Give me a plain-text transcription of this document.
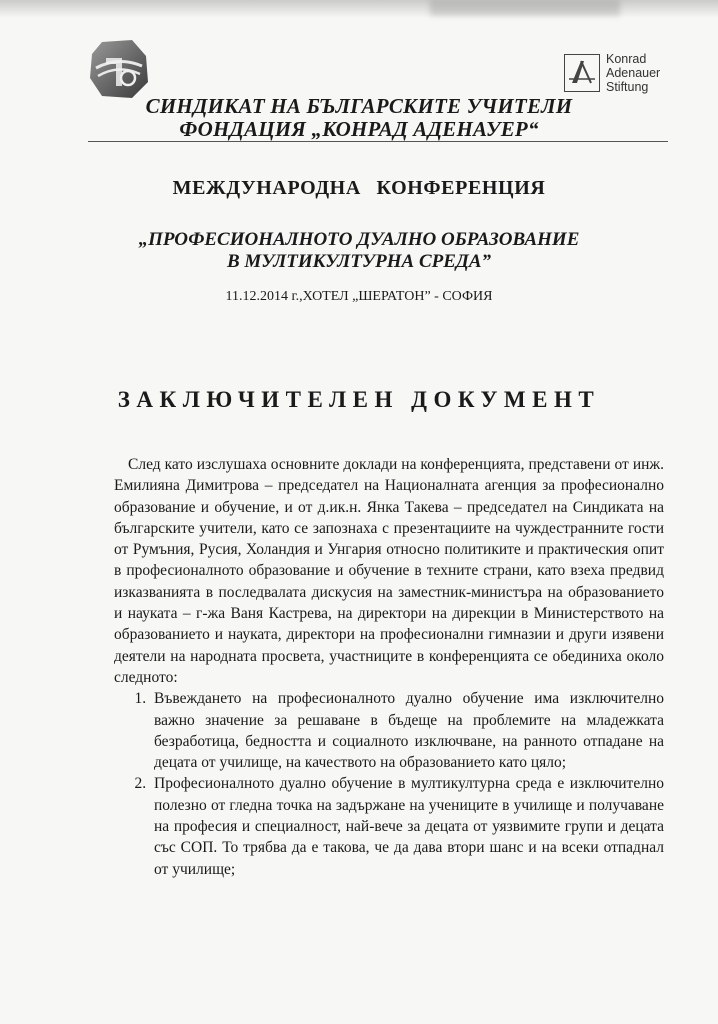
Konrad
Adenauer
Stiftung
СИНДИКАТ НА БЪЛГАРСКИТЕ УЧИТЕЛИ
ФОНДАЦИЯ „КОНРАД АДЕНАУЕР“
МЕЖДУНАРОДНА КОНФЕРЕНЦИЯ
„ПРОФЕСИОНАЛНОТО ДУАЛНО ОБРАЗОВАНИЕ
В МУЛТИКУЛТУРНА СРЕДА”
11.12.2014 г.,ХОТЕЛ „ШЕРАТОН” - СОФИЯ
ЗАКЛЮЧИТЕЛЕН ДОКУМЕНТ

След като изслушаха основните доклади на конференцията, представени от инж. Емилияна Димитрова – председател на Националната агенция за професионално образование и обучение, и от д.ик.н. Янка Такева – председател на Синдиката на българските учители, като се запознаха с презентациите на чуждестранните гости от Румъния, Русия, Холандия и Унгария относно политиките и практическия опит в професионалното образование и обучение в техните страни, като взеха предвид изказванията в последвалата дискусия на заместник-министъра на образованието и науката – г-жа Ваня Кастрева, на директори на дирекции в Министерството на образованието и науката, директори на професионални гимназии и други изявени деятели на народната просвета, участниците в конференцията се обединиха около следното:

1. Въвеждането на професионалното дуално обучение има изключително важно значение за решаване в бъдеще на проблемите на младежката безработица, бедността и социалното изключване, на ранното отпадане на децата от училище, на качеството на образованието като цяло;
2. Професионалното дуално обучение в мултикултурна среда е изключително полезно от гледна точка на задържане на учениците в училище и получаване на професия и специалност, най-вече за децата от уязвимите групи и децата със СОП. То трябва да е такова, че да дава втори шанс и на всеки отпаднал от училище;
